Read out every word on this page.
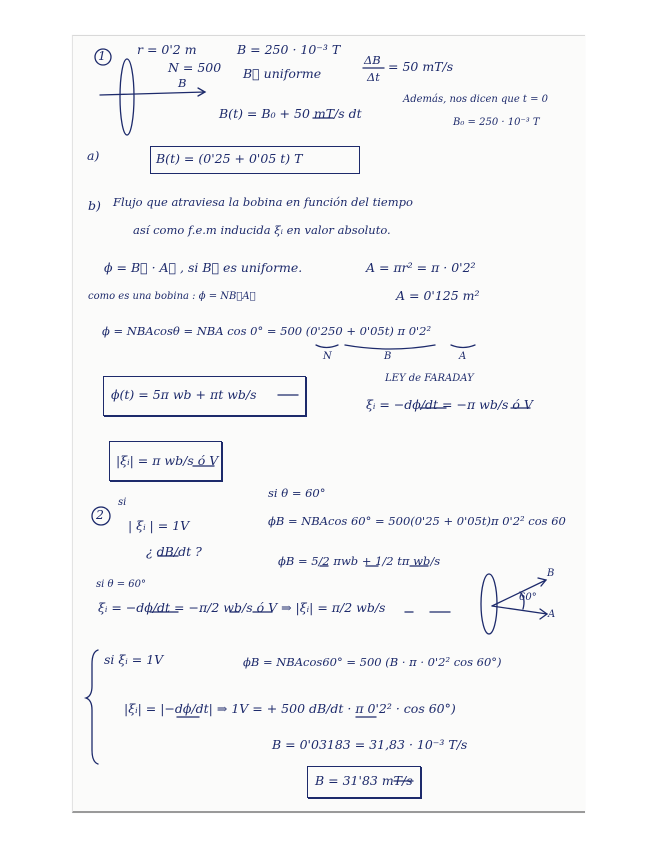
1 r = 0'2 m
N = 500
B
B = 250 · 10⁻³ T
B⃗ uniforme
ΔB
Δt
= 50 mT/s
B(t) = B₀ + 50 mT/s dt
Además, nos dicen que t = 0
B₀ = 250 · 10⁻³ T
a)	B(t) = (0'25 + 0'05 t) T
b) Flujo que atraviesa la bobina en función del tiempo
así como f.e.m inducida ξᵢ en valor absoluto.
ϕ = B⃗ · A⃗ , si B⃗ es uniforme.	A = πr² = π · 0'2²
como es una bobina : ϕ = NB⃗A⃗	A = 0'125 m²
ϕ = NBAcosθ = NBA cos 0° = 500 (0'250 + 0'05t) π 0'2²
N	B	A
ϕ(t) = 5π wb + πt wb/s
LEY de FARADAY
ξᵢ = −dϕ/dt = −π wb/s ó V
|ξᵢ| = π wb/s ó V
2
si
si θ = 60°
| ξᵢ | = 1V	ϕB = NBAcos 60° = 500(0'25 + 0'05t)π 0'2² cos 60
¿ dB/dt ?
ϕB = 5/2 πwb + 1/2 tπ wb/s
si θ = 60°
ξᵢ = −dϕ/dt = −π/2 wb/s ó V ⇒ |ξᵢ| = π/2 wb/s
60°
B
A
si ξᵢ = 1V	ϕB = NBAcos60° = 500 (B · π · 0'2² cos 60°)
|ξᵢ| = |−dϕ/dt| ⇒ 1V = + 500 dB/dt · π 0'2² · cos 60°)
B = 0'03183 = 31,83 · 10⁻³ T/s
B = 31'83 mT/s
